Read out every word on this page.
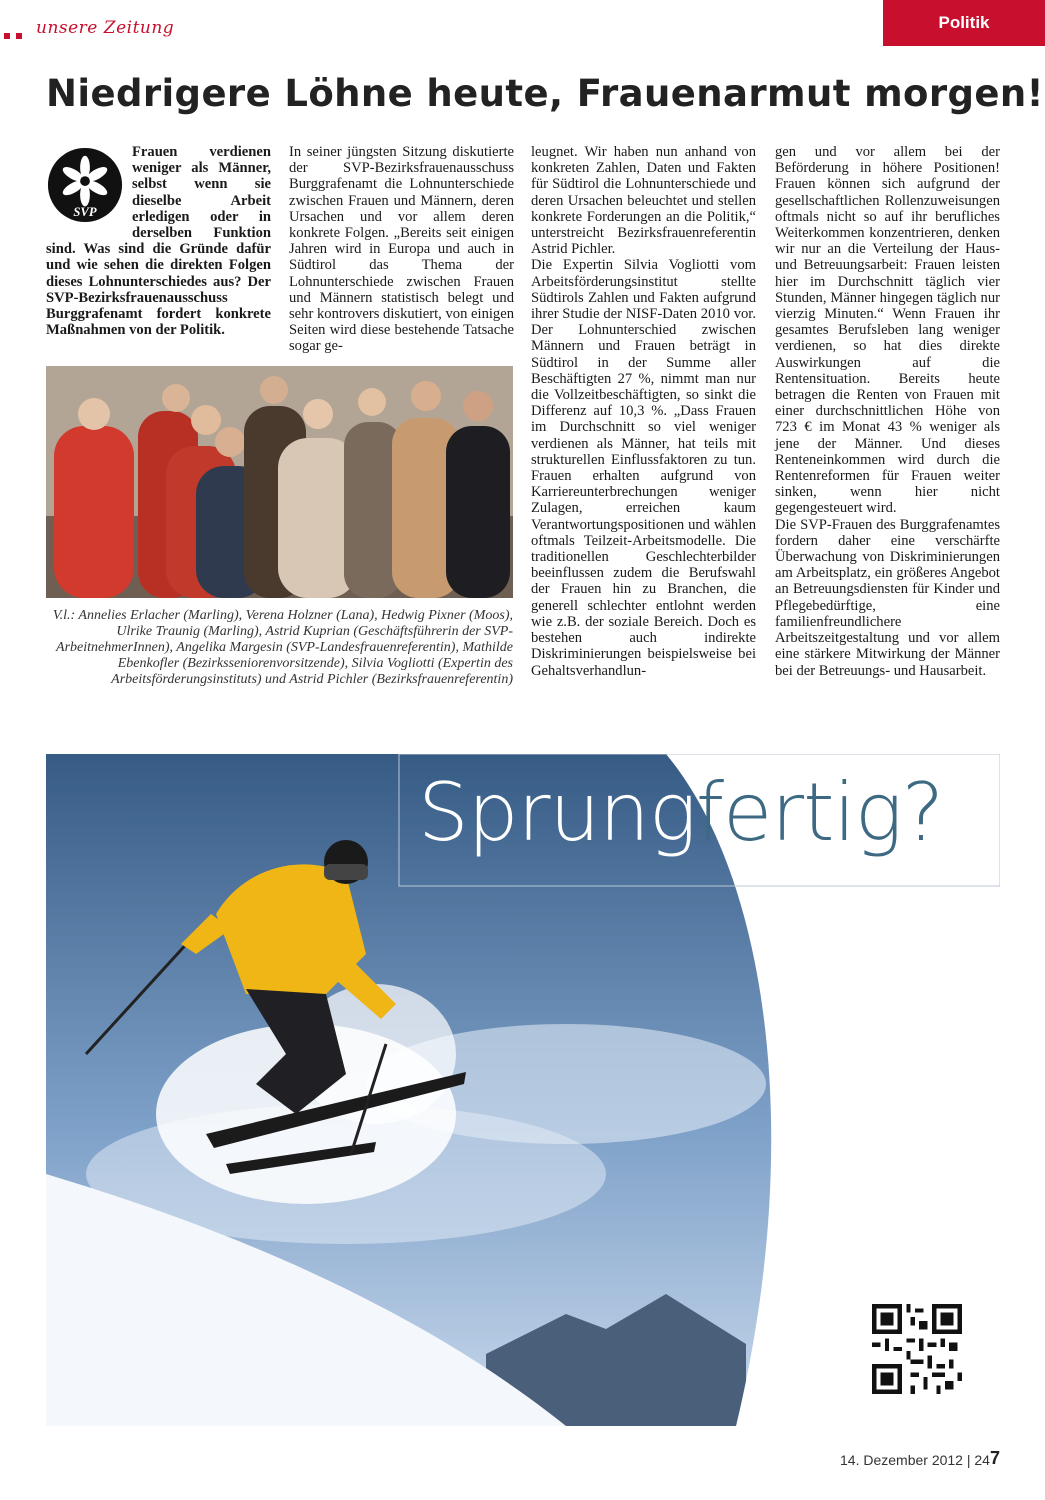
unsere Zeitung	Politik
Niedrigere Löhne heute, Frauenarmut morgen!
SVP
Frauen verdienen weniger als Männer, selbst wenn sie dieselbe Arbeit erledigen oder in derselben Funktion sind. Was sind die Gründe dafür und wie sehen die direkten Folgen dieses Lohnunterschiedes aus? Der SVP-Bezirksfrauenausschuss Burggrafenamt fordert konkrete Maßnahmen von der Politik.

In seiner jüngsten Sitzung diskutierte der SVP-Bezirksfrauenausschuss Burggrafenamt die Lohnunterschiede zwischen Frauen und Männern, deren Ursachen und vor allem deren konkrete Folgen. „Bereits seit einigen Jahren wird in Europa und auch in Südtirol das Thema der Lohnunterschiede zwischen Frauen und Männern statistisch belegt und sehr kontrovers diskutiert, von einigen Seiten wird diese bestehende Tatsache sogar ge-

leugnet. Wir haben nun anhand von konkreten Zahlen, Daten und Fakten für Südtirol die Lohnunterschiede und deren Ursachen beleuchtet und stellen konkrete Forderungen an die Politik,“ unterstreicht Bezirksfrauenreferentin Astrid Pichler.

Die Expertin Silvia Vogliotti vom Arbeitsförderungsinstitut stellte Südtirols Zahlen und Fakten aufgrund ihrer Studie der NISF-Daten 2010 vor. Der Lohnunterschied zwischen Männern und Frauen beträgt in Südtirol in der Summe aller Beschäftigten 27 %, nimmt man nur die Vollzeitbeschäftigten, so sinkt die Differenz auf 10,3 %. „Dass Frauen im Durchschnitt so viel weniger verdienen als Männer, hat teils mit strukturellen Einflussfaktoren zu tun. Frauen erhalten aufgrund von Karriereunterbrechungen weniger Zulagen, erreichen kaum Verantwortungspositionen und wählen oftmals Teilzeit-Arbeitsmodelle. Die traditionellen Geschlechterbilder beeinflussen zudem die Berufswahl der Frauen hin zu Branchen, die generell schlechter entlohnt werden wie z.B. der soziale Bereich. Doch es bestehen auch indirekte Diskriminierungen beispielsweise bei Gehaltsverhandlun-

gen und vor allem bei der Beförderung in höhere Positionen! Frauen können sich aufgrund der gesellschaftlichen Rollenzuweisungen oftmals nicht so auf ihr berufliches Weiterkommen konzentrieren, denken wir nur an die Verteilung der Haus- und Betreuungsarbeit: Frauen leisten hier im Durchschnitt täglich vier Stunden, Männer hingegen täglich nur vierzig Minuten.“ Wenn Frauen ihr gesamtes Berufsleben lang weniger verdienen, so hat dies direkte Auswirkungen auf die Rentensituation. Bereits heute betragen die Renten von Frauen mit einer durchschnittlichen Höhe von 723 € im Monat 43 % weniger als jene der Männer. Und dieses Renteneinkommen wird durch die Rentenreformen für Frauen weiter sinken, wenn hier nicht gegengesteuert wird.

Die SVP-Frauen des Burggrafenamtes fordern daher eine verschärfte Überwachung von Diskriminierungen am Arbeitsplatz, ein größeres Angebot an Betreuungsdiensten für Kinder und Pflegebedürftige, eine familienfreundlichere Arbeitszeitgestaltung und vor allem eine stärkere Mitwirkung der Männer bei der Betreuungs- und Hausarbeit.

V.l.: Annelies Erlacher (Marling), Verena Holzner (Lana), Hedwig Pixner (Moos), Ulrike Traunig (Marling), Astrid Kuprian (Geschäftsführerin der SVP-ArbeitnehmerInnen), Angelika Margesin (SVP-Landesfrauenreferentin), Mathilde Ebenkofler (Bezirksseniorenvorsitzende), Silvia Vogliotti (Expertin des Arbeitsförderungsinstituts) und Astrid Pichler (Bezirksfrauenreferentin)
Sprungfertig?
14. Dezember 2012 | 24 7
